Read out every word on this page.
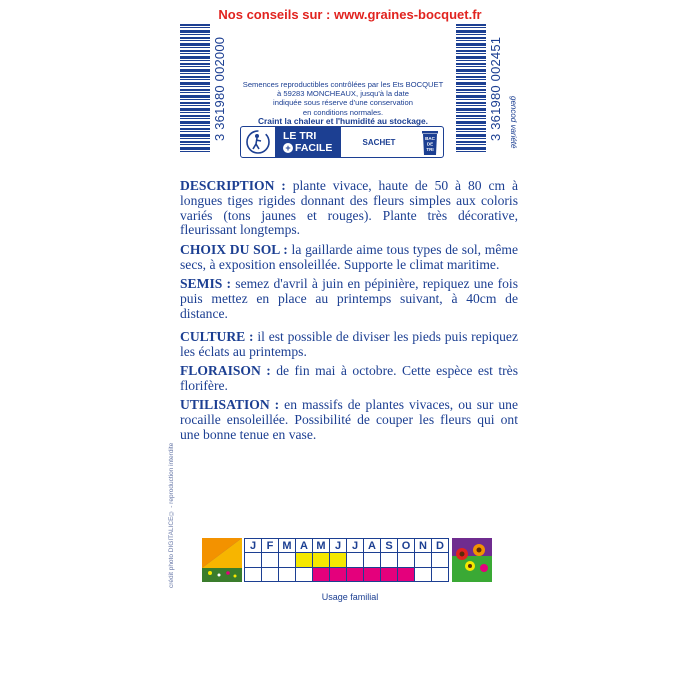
Nos conseils sur : www.graines-bocquet.fr
3 361980 002000	3 361980 002451 gencod variété
Semences reproductibles contrôlées par les Ets BOCQUET
à 59283 MONCHEAUX, jusqu'à la date
indiquée sous réserve d'une conservation
en conditions normales.
Craint la chaleur et l'humidité au stockage.
LE TRI
+ FACILE	SACHET	BAC
DE
TRI
DESCRIPTION : plante vivace, haute de 50 à 80 cm à longues tiges rigides donnant des fleurs simples aux coloris variés (tons jaunes et rouges). Plante très décorative, fleurissant longtemps.
CHOIX DU SOL : la gaillarde aime tous types de sol, même secs, à exposition ensoleillée. Supporte le climat maritime.
SEMIS : semez d'avril à juin en pépinière, repiquez une fois puis mettez en place au printemps suivant, à 40cm de distance.
CULTURE : il est possible de diviser les pieds puis repiquez les éclats au printemps.
FLORAISON : de fin mai à octobre. Cette espèce est très florifère.
UTILISATION : en massifs de plantes vivaces, ou sur une rocaille ensoleillée. Possibilité de couper les fleurs qui ont une bonne tenue en vase.
crédit photo DIGITALICE© - reproduction interdite	J	F	M	A	M	J	J	A	S	O	N	D

Usage familial
